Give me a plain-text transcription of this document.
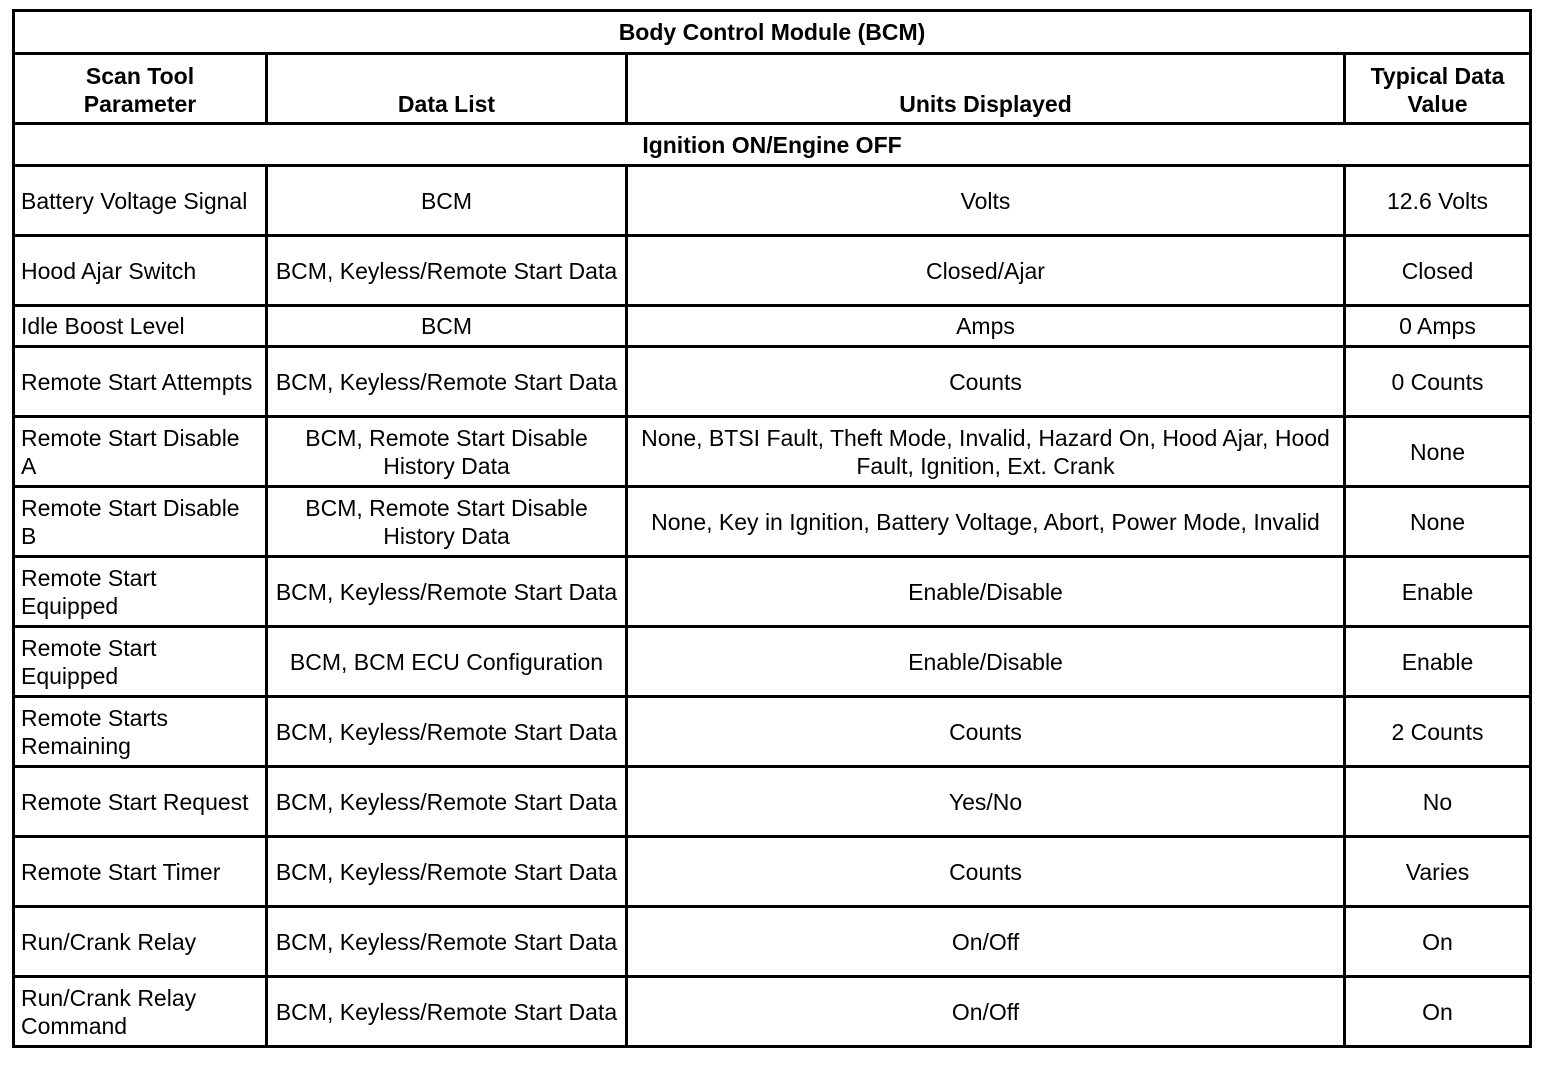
Body Control Module (BCM)			
Scan Tool
Parameter	Data List	Units Displayed	Typical Data
Value
Ignition ON/Engine OFF			
Battery Voltage Signal	BCM	Volts	12.6 Volts
Hood Ajar Switch	BCM, Keyless/Remote Start Data	Closed/Ajar	Closed
Idle Boost Level	BCM	Amps	0 Amps
Remote Start Attempts	BCM, Keyless/Remote Start Data	Counts	0 Counts
Remote Start Disable A	BCM, Remote Start Disable History Data	None, BTSI Fault, Theft Mode, Invalid, Hazard On, Hood Ajar, Hood Fault, Ignition, Ext. Crank	None
Remote Start Disable B	BCM, Remote Start Disable History Data	None, Key in Ignition, Battery Voltage, Abort, Power Mode, Invalid	None
Remote Start Equipped	BCM, Keyless/Remote Start Data	Enable/Disable	Enable
Remote Start Equipped	BCM, BCM ECU Configuration	Enable/Disable	Enable
Remote Starts Remaining	BCM, Keyless/Remote Start Data	Counts	2 Counts
Remote Start Request	BCM, Keyless/Remote Start Data	Yes/No	No
Remote Start Timer	BCM, Keyless/Remote Start Data	Counts	Varies
Run/Crank Relay	BCM, Keyless/Remote Start Data	On/Off	On
Run/Crank Relay Command	BCM, Keyless/Remote Start Data	On/Off	On
